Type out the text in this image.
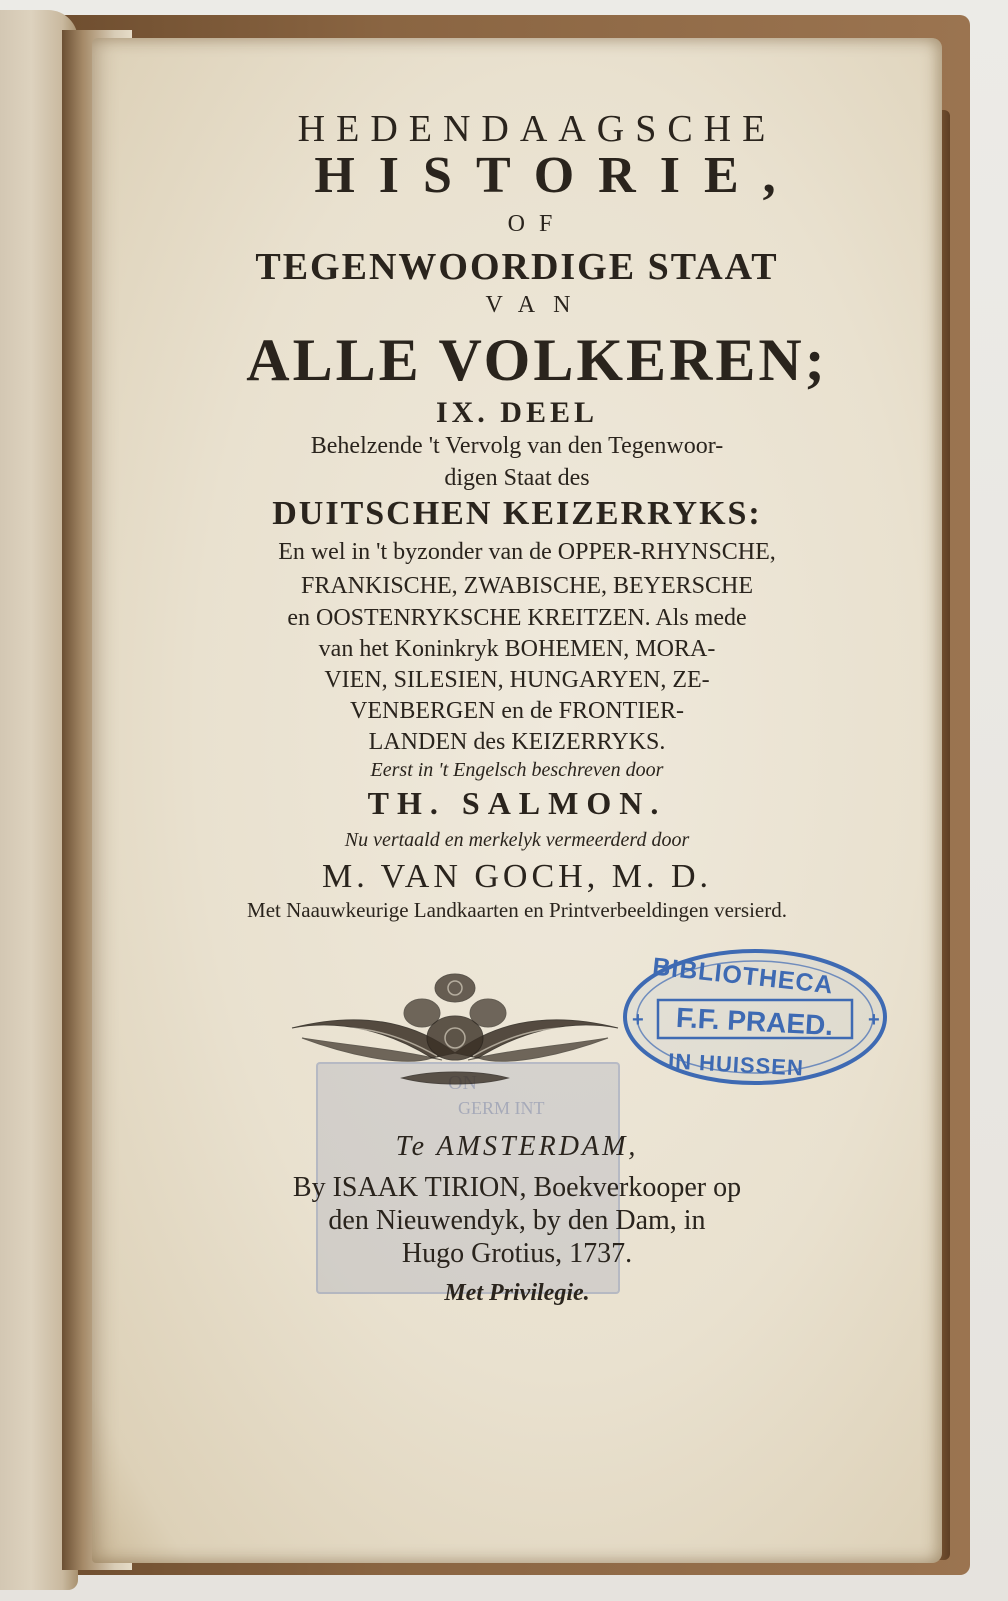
GERM INT
HEDENDAAGSCHE
HISTORIE,
OF
TEGENWOORDIGE STAAT
VAN
ALLE VOLKEREN;
IX. DEEL
Behelzende 't Vervolg van den Tegenwoor-
digen Staat des
DUITSCHEN KEIZERRYKS:
En wel in 't byzonder van de OPPER-RHYNSCHE,
FRANKISCHE, ZWABISCHE, BEYERSCHE
en OOSTENRYKSCHE KREITZEN. Als mede
van het Koninkryk BOHEMEN, MORA-
VIEN, SILESIEN, HUNGARYEN, ZE-
VENBERGEN en de FRONTIER-
LANDEN des KEIZERRYKS.
Eerst in 't Engelsch beschreven door
TH. SALMON.
Nu vertaald en merkelyk vermeerderd door
M. VAN GOCH, M. D.
Met Naauwkeurige Landkaarten en Printverbeeldingen versierd.
+	+
BIBLIOTHECA
F.F. PRAED.
IN HUISSEN
Te AMSTERDAM,
By ISAAK TIRION, Boekverkooper op
den Nieuwendyk, by den Dam, in
Hugo Grotius, 1737.
Met Privilegie.
